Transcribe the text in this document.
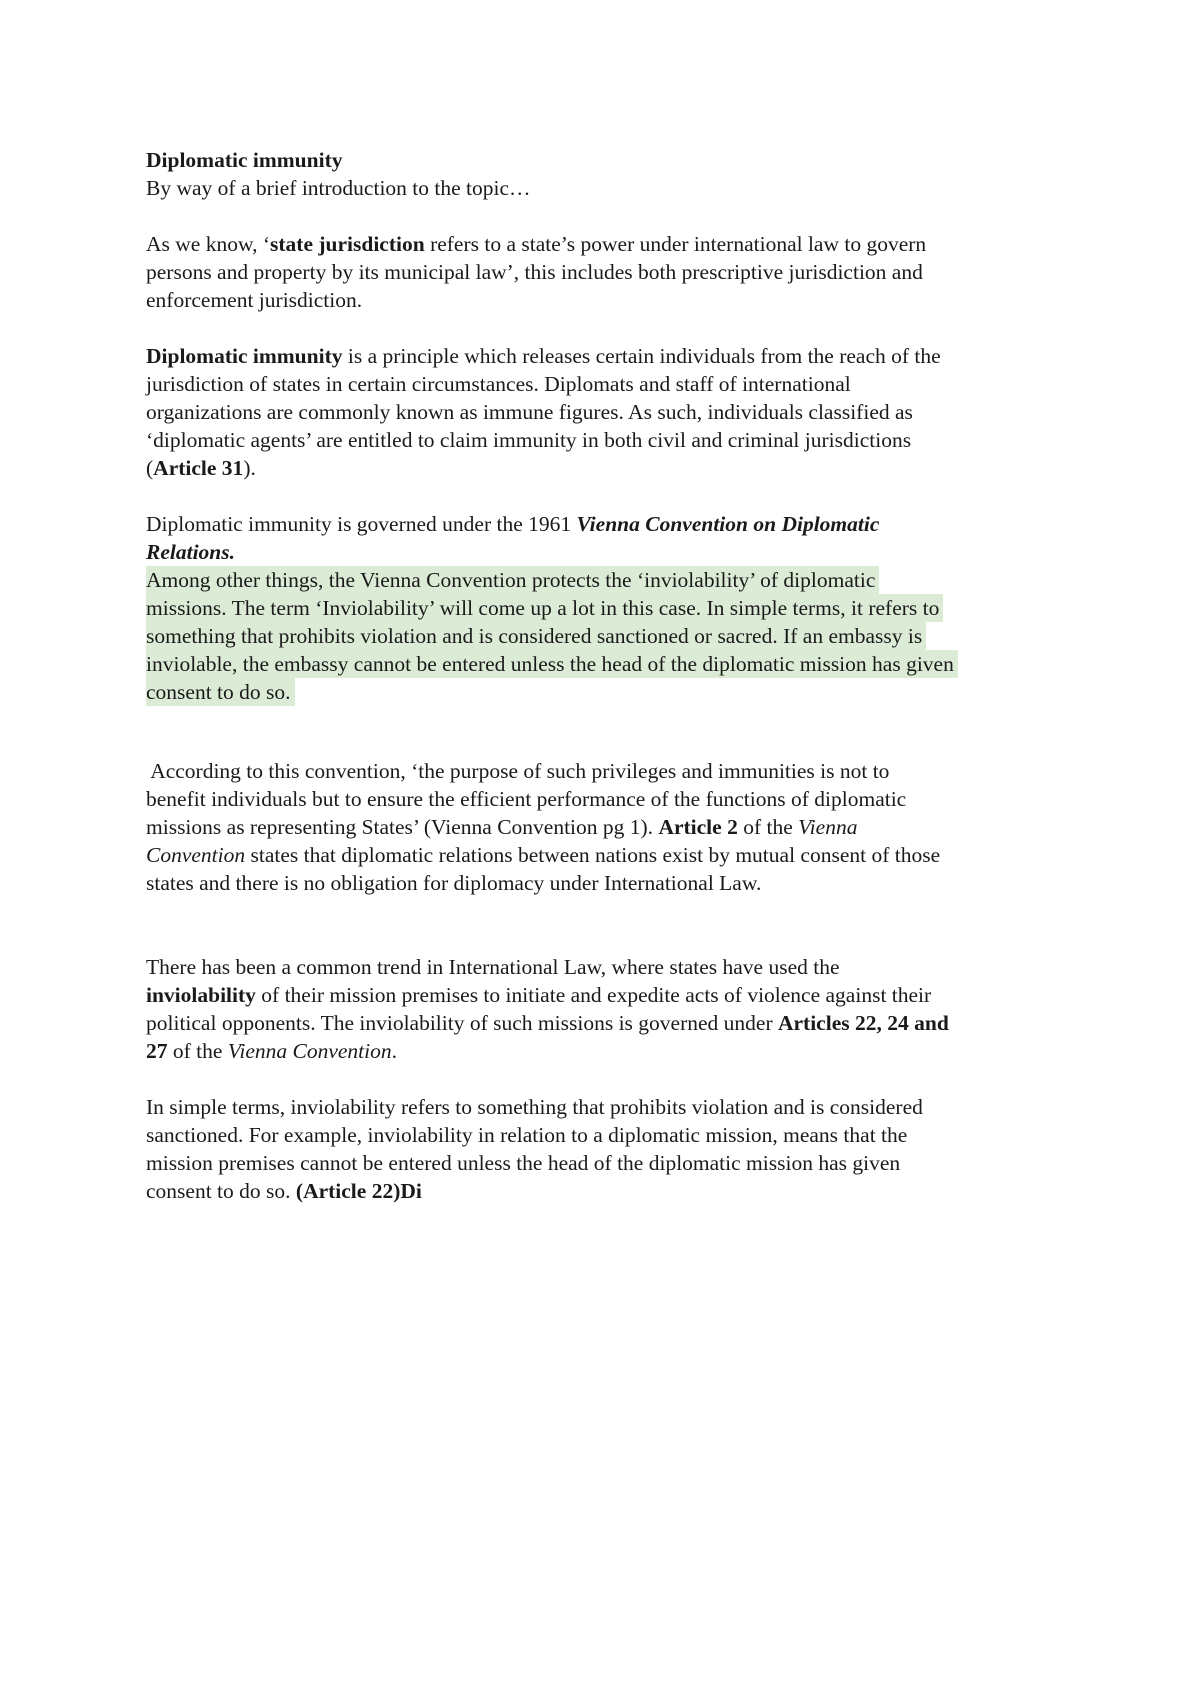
Diplomatic immunity
By way of a brief introduction to the topic…
As we know, ‘state jurisdiction refers to a state’s power under international law to govern
persons and property by its municipal law’, this includes both prescriptive jurisdiction and
enforcement jurisdiction.
Diplomatic immunity is a principle which releases certain individuals from the reach of the
jurisdiction of states in certain circumstances. Diplomats and staff of international
organizations are commonly known as immune figures. As such, individuals classified as
‘diplomatic agents’ are entitled to claim immunity in both civil and criminal jurisdictions
(Article 31).
Diplomatic immunity is governed under the 1961 Vienna Convention on Diplomatic
Relations.
Among other things, the Vienna Convention protects the ‘inviolability’ of diplomatic
missions. The term ‘Inviolability’ will come up a lot in this case. In simple terms, it refers to
something that prohibits violation and is considered sanctioned or sacred. If an embassy is
inviolable, the embassy cannot be entered unless the head of the diplomatic mission has given
consent to do so.
According to this convention, ‘the purpose of such privileges and immunities is not to
benefit individuals but to ensure the efficient performance of the functions of diplomatic
missions as representing States’ (Vienna Convention pg 1). Article 2 of the Vienna
Convention states that diplomatic relations between nations exist by mutual consent of those
states and there is no obligation for diplomacy under International Law.
There has been a common trend in International Law, where states have used the
inviolability of their mission premises to initiate and expedite acts of violence against their
political opponents. The inviolability of such missions is governed under Articles 22, 24 and
27 of the Vienna Convention.
In simple terms, inviolability refers to something that prohibits violation and is considered
sanctioned. For example, inviolability in relation to a diplomatic mission, means that the
mission premises cannot be entered unless the head of the diplomatic mission has given
consent to do so. (Article 22)Di
